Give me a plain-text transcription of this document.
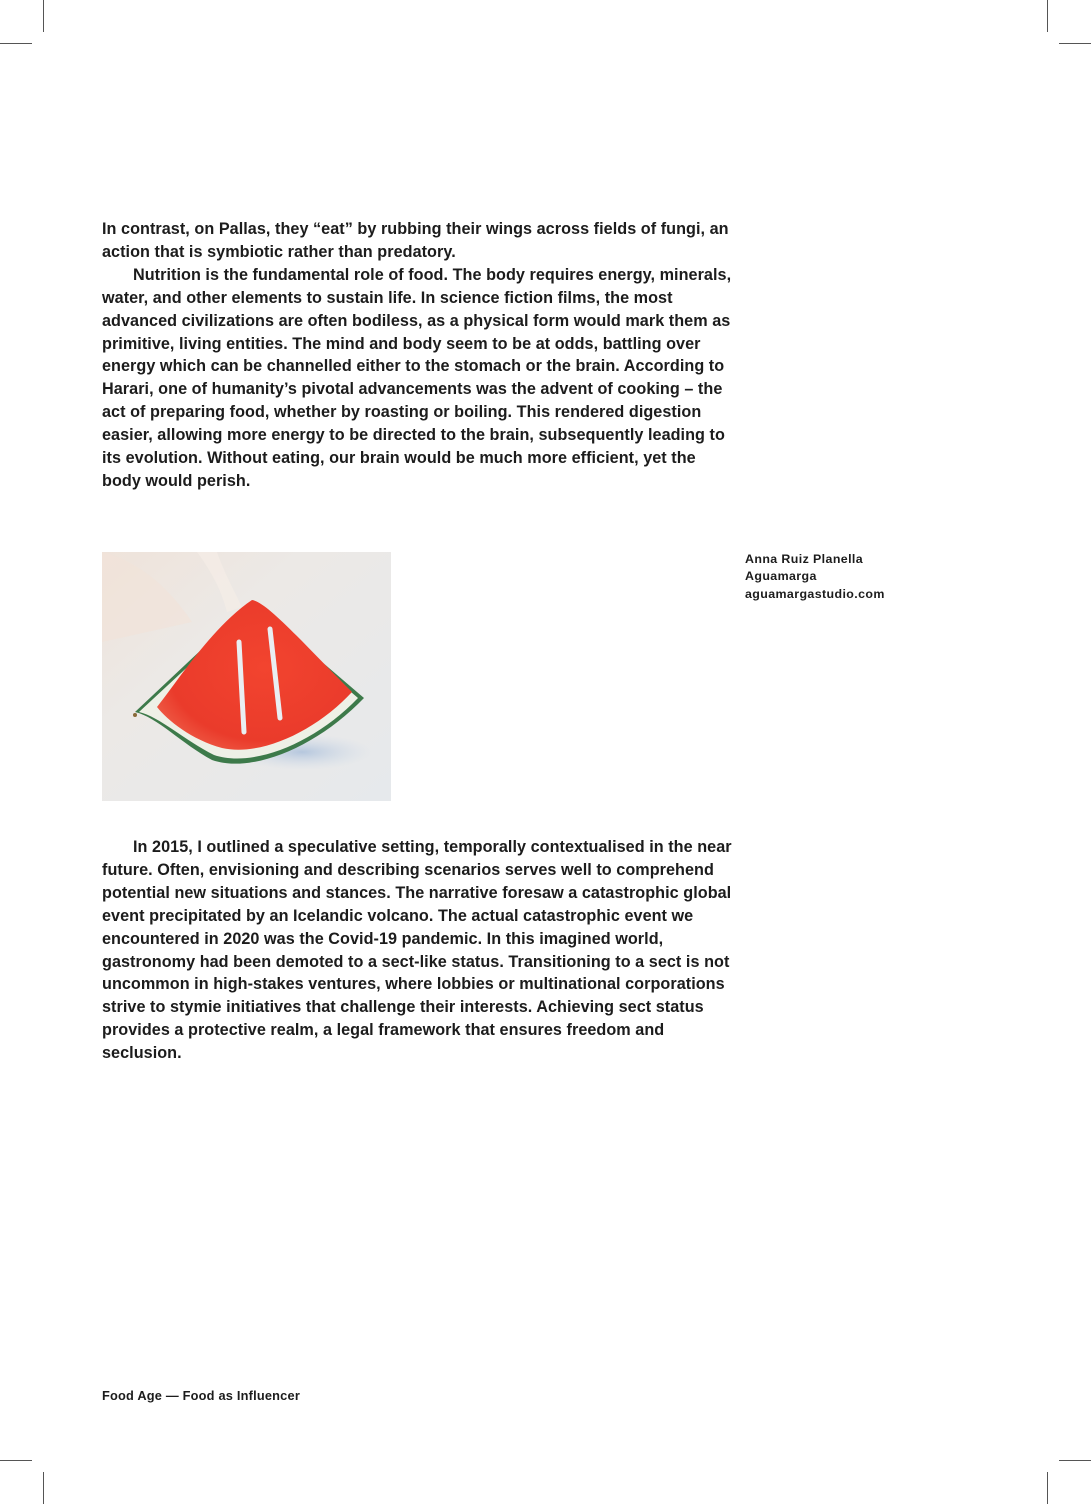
In contrast, on Pallas, they “eat” by rubbing their wings across fields of fungi, an action that is symbiotic rather than predatory.

Nutrition is the fundamental role of food. The body requires energy, minerals, water, and other elements to sustain life. In science fiction films, the most advanced civilizations are often bodiless, as a physical form would mark them as primitive, living entities. The mind and body seem to be at odds, battling over energy which can be channelled either to the stomach or the brain. According to Harari, one of humanity’s pivotal advancements was the advent of cooking – the act of preparing food, whether by roasting or boiling. This rendered digestion easier, allowing more energy to be directed to the brain, subsequently leading to its evolution. Without eating, our brain would be much more efficient, yet the body would perish.

Anna Ruiz Planella
Aguamarga
aguamargastudio.com

In 2015, I outlined a speculative setting, temporally contextualised in the near future. Often, envisioning and describing scenarios serves well to comprehend potential new situations and stances. The narrative foresaw a catastrophic global event precipitated by an Icelandic volcano. The actual catastrophic event we encountered in 2020 was the Covid-19 pandemic. In this imagined world, gastronomy had been demoted to a sect-like status. Transitioning to a sect is not uncommon in high-stakes ventures, where lobbies or multinational corporations strive to stymie initiatives that challenge their interests. Achieving sect status provides a protective realm, a legal framework that ensures freedom and seclusion.

Food Age — Food as Influencer
